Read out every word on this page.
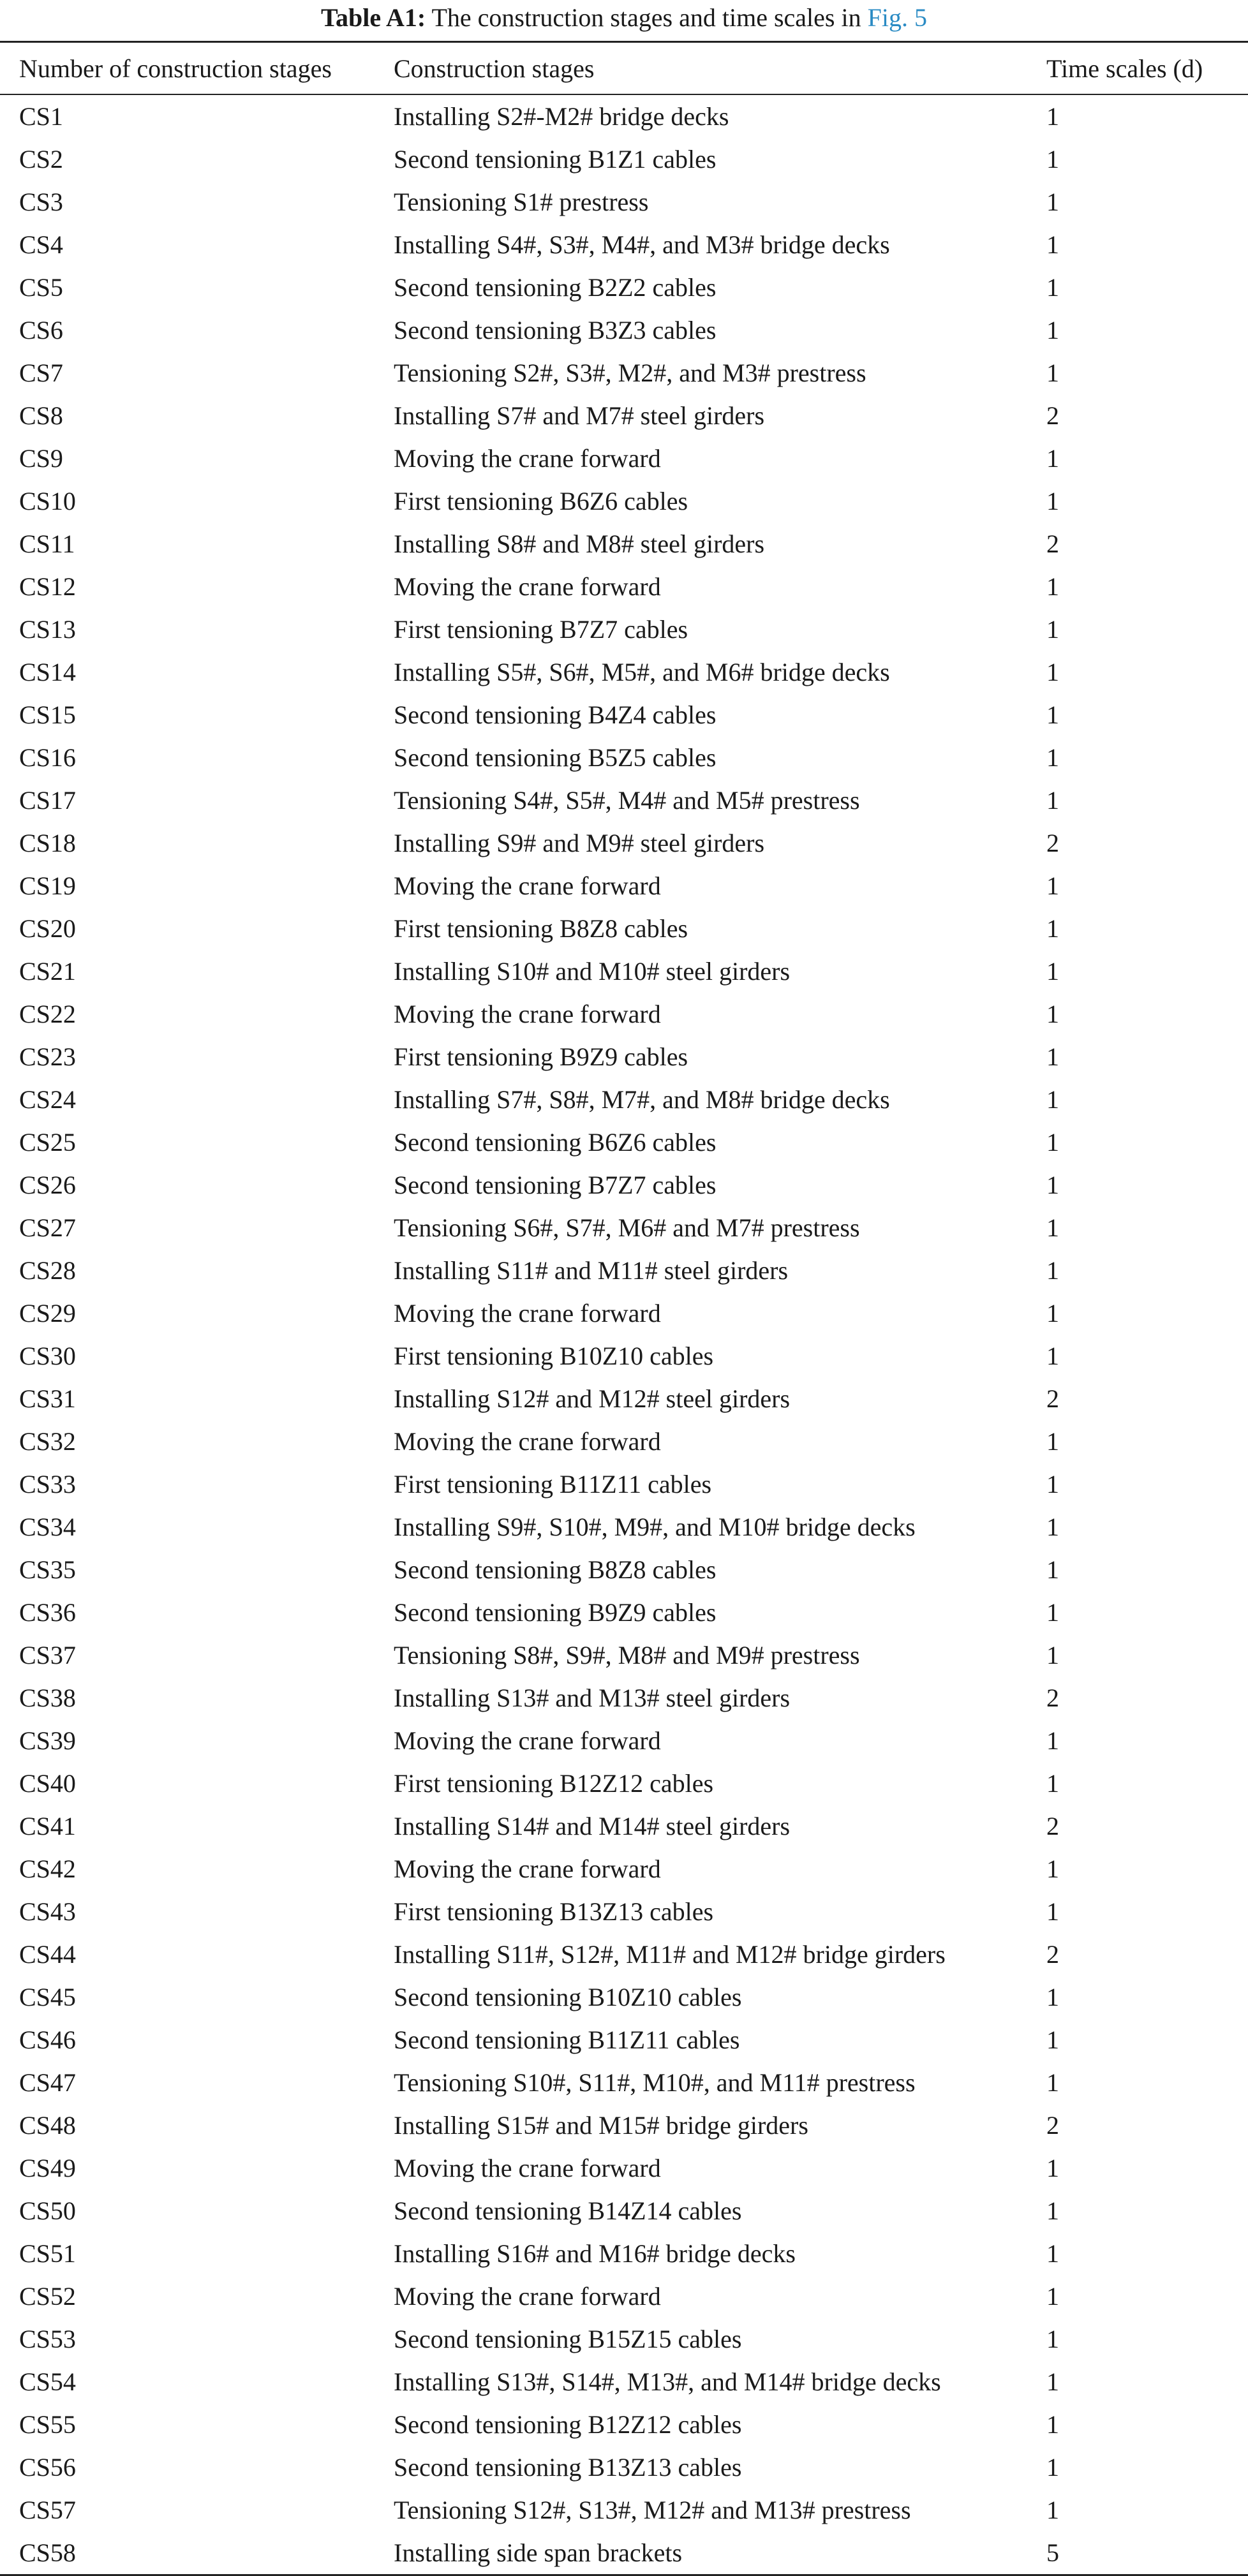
Table A1: The construction stages and time scales in Fig. 5
Number of construction stages	Construction stages	Time scales (d)
CS1	Installing S2#-M2# bridge decks	1
CS2	Second tensioning B1Z1 cables	1
CS3	Tensioning S1# prestress	1
CS4	Installing S4#, S3#, M4#, and M3# bridge decks	1
CS5	Second tensioning B2Z2 cables	1
CS6	Second tensioning B3Z3 cables	1
CS7	Tensioning S2#, S3#, M2#, and M3# prestress	1
CS8	Installing S7# and M7# steel girders	2
CS9	Moving the crane forward	1
CS10	First tensioning B6Z6 cables	1
CS11	Installing S8# and M8# steel girders	2
CS12	Moving the crane forward	1
CS13	First tensioning B7Z7 cables	1
CS14	Installing S5#, S6#, M5#, and M6# bridge decks	1
CS15	Second tensioning B4Z4 cables	1
CS16	Second tensioning B5Z5 cables	1
CS17	Tensioning S4#, S5#, M4# and M5# prestress	1
CS18	Installing S9# and M9# steel girders	2
CS19	Moving the crane forward	1
CS20	First tensioning B8Z8 cables	1
CS21	Installing S10# and M10# steel girders	1
CS22	Moving the crane forward	1
CS23	First tensioning B9Z9 cables	1
CS24	Installing S7#, S8#, M7#, and M8# bridge decks	1
CS25	Second tensioning B6Z6 cables	1
CS26	Second tensioning B7Z7 cables	1
CS27	Tensioning S6#, S7#, M6# and M7# prestress	1
CS28	Installing S11# and M11# steel girders	1
CS29	Moving the crane forward	1
CS30	First tensioning B10Z10 cables	1
CS31	Installing S12# and M12# steel girders	2
CS32	Moving the crane forward	1
CS33	First tensioning B11Z11 cables	1
CS34	Installing S9#, S10#, M9#, and M10# bridge decks	1
CS35	Second tensioning B8Z8 cables	1
CS36	Second tensioning B9Z9 cables	1
CS37	Tensioning S8#, S9#, M8# and M9# prestress	1
CS38	Installing S13# and M13# steel girders	2
CS39	Moving the crane forward	1
CS40	First tensioning B12Z12 cables	1
CS41	Installing S14# and M14# steel girders	2
CS42	Moving the crane forward	1
CS43	First tensioning B13Z13 cables	1
CS44	Installing S11#, S12#, M11# and M12# bridge girders	2
CS45	Second tensioning B10Z10 cables	1
CS46	Second tensioning B11Z11 cables	1
CS47	Tensioning S10#, S11#, M10#, and M11# prestress	1
CS48	Installing S15# and M15# bridge girders	2
CS49	Moving the crane forward	1
CS50	Second tensioning B14Z14 cables	1
CS51	Installing S16# and M16# bridge decks	1
CS52	Moving the crane forward	1
CS53	Second tensioning B15Z15 cables	1
CS54	Installing S13#, S14#, M13#, and M14# bridge decks	1
CS55	Second tensioning B12Z12 cables	1
CS56	Second tensioning B13Z13 cables	1
CS57	Tensioning S12#, S13#, M12# and M13# prestress	1
CS58	Installing side span brackets	5
